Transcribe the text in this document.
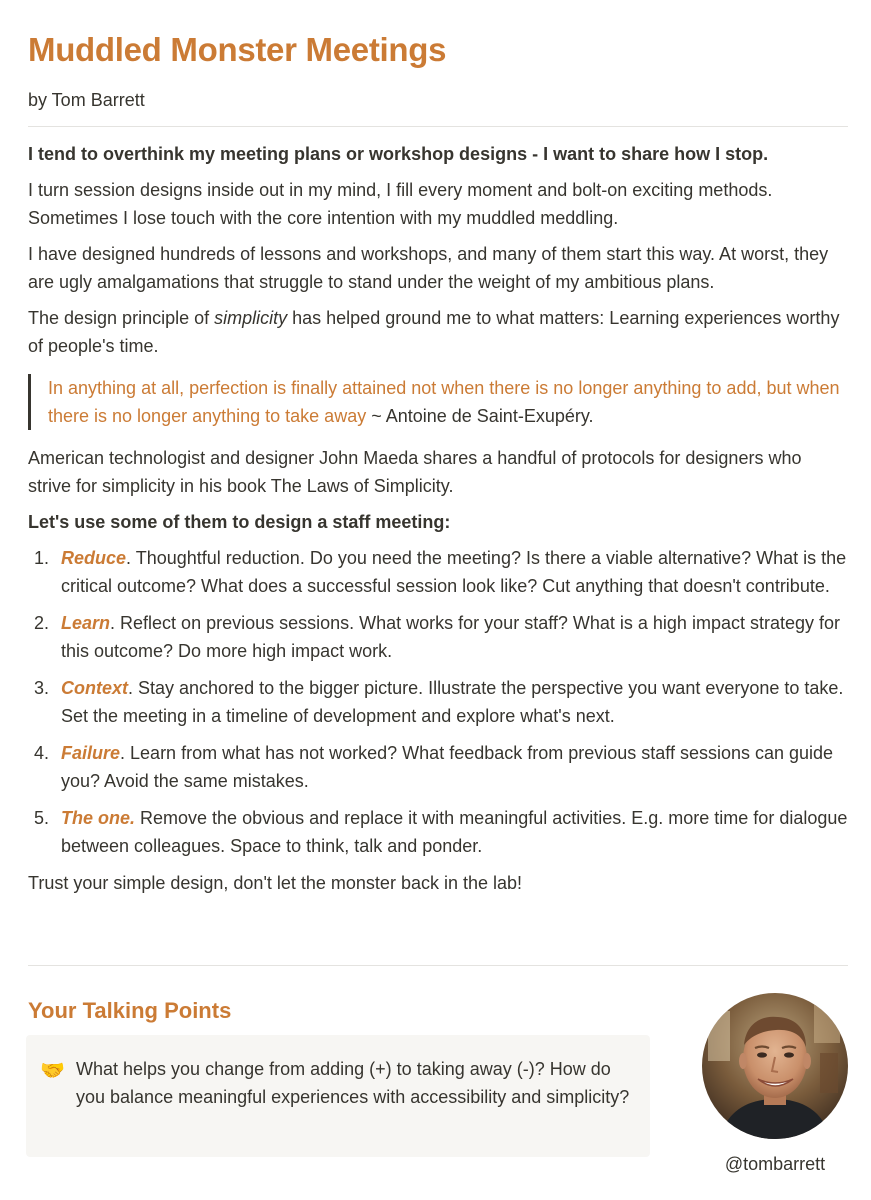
Muddled Monster Meetings
by Tom Barrett

I tend to overthink my meeting plans or workshop designs - I want to share how I stop.

I turn session designs inside out in my mind, I fill every moment and bolt-on exciting methods. Sometimes I lose touch with the core intention with my muddled meddling.

I have designed hundreds of lessons and workshops, and many of them start this way. At worst, they are ugly amalgamations that struggle to stand under the weight of my ambitious plans.

The design principle of simplicity has helped ground me to what matters: Learning experiences worthy of people's time.

In anything at all, perfection is finally attained not when there is no longer anything to add, but when there is no longer anything to take away ~ Antoine de Saint-Exupéry.

American technologist and designer John Maeda shares a handful of protocols for designers who strive for simplicity in his book The Laws of Simplicity.

Let's use some of them to design a staff meeting:

1. Reduce. Thoughtful reduction. Do you need the meeting? Is there a viable alternative? What is the critical outcome? What does a successful session look like? Cut anything that doesn't contribute.
2. Learn. Reflect on previous sessions. What works for your staff? What is a high impact strategy for this outcome? Do more high impact work.
3. Context. Stay anchored to the bigger picture. Illustrate the perspective you want everyone to take. Set the meeting in a timeline of development and explore what's next.
4. Failure. Learn from what has not worked? What feedback from previous staff sessions can guide you? Avoid the same mistakes.
5. The one. Remove the obvious and replace it with meaningful activities. E.g. more time for dialogue between colleagues. Space to think, talk and ponder.

Trust your simple design, don't let the monster back in the lab!

Your Talking Points
🤝 What helps you change from adding (+) to taking away (-)? How do you balance meaningful experiences with accessibility and simplicity?
@tombarrett
